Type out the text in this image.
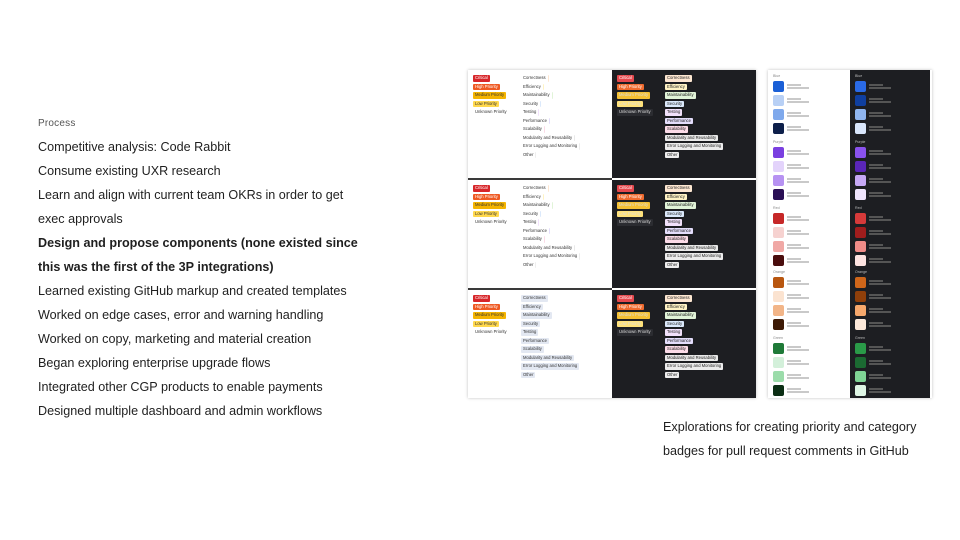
Process
Competitive analysis: Code Rabbit
Consume existing UXR research
Learn and align with current team OKRs in order to get
exec approvals
Design and propose components (none existed since
this was the first of the 3P integrations)
Learned existing GitHub markup and created templates
Worked on edge cases, error and warning handling
Worked on copy, marketing and material creation
Began exploring enterprise upgrade flows
Integrated other CGP products to enable payments
Designed multiple dashboard and admin workflows
Critical
High Priority
Medium Priority
Low Priority
Unknown Priority
Correctness
Efficiency
Maintainability
Security
Testing
Performance
Scalability
Modularity and Reusability
Error Logging and Monitoring
Other
Critical
High Priority
Medium Priority
Low Priority
Unknown Priority
Correctness
Efficiency
Maintainability
Security
Testing
Performance
Scalability
Modularity and Reusability
Error Logging and Monitoring
Other
Critical
High Priority
Medium Priority
Low Priority
Unknown Priority
Correctness
Efficiency
Maintainability
Security
Testing
Performance
Scalability
Modularity and Reusability
Error Logging and Monitoring
Other
Critical
High Priority
Medium Priority
Low Priority
Unknown Priority
Correctness
Efficiency
Maintainability
Security
Testing
Performance
Scalability
Modularity and Reusability
Error Logging and Monitoring
Other
Critical
High Priority
Medium Priority
Low Priority
Unknown Priority
Correctness
Efficiency
Maintainability
Security
Testing
Performance
Scalability
Modularity and Reusability
Error Logging and Monitoring
Other
Critical
High Priority
Medium Priority
Low Priority
Unknown Priority
Correctness
Efficiency
Maintainability
Security
Testing
Performance
Scalability
Modularity and Reusability
Error Logging and Monitoring
Other
Blue
Purple
Red
Orange
Green
Blue
Purple
Red
Orange
Green

Explorations for creating priority and category

badges for pull request comments in GitHub
